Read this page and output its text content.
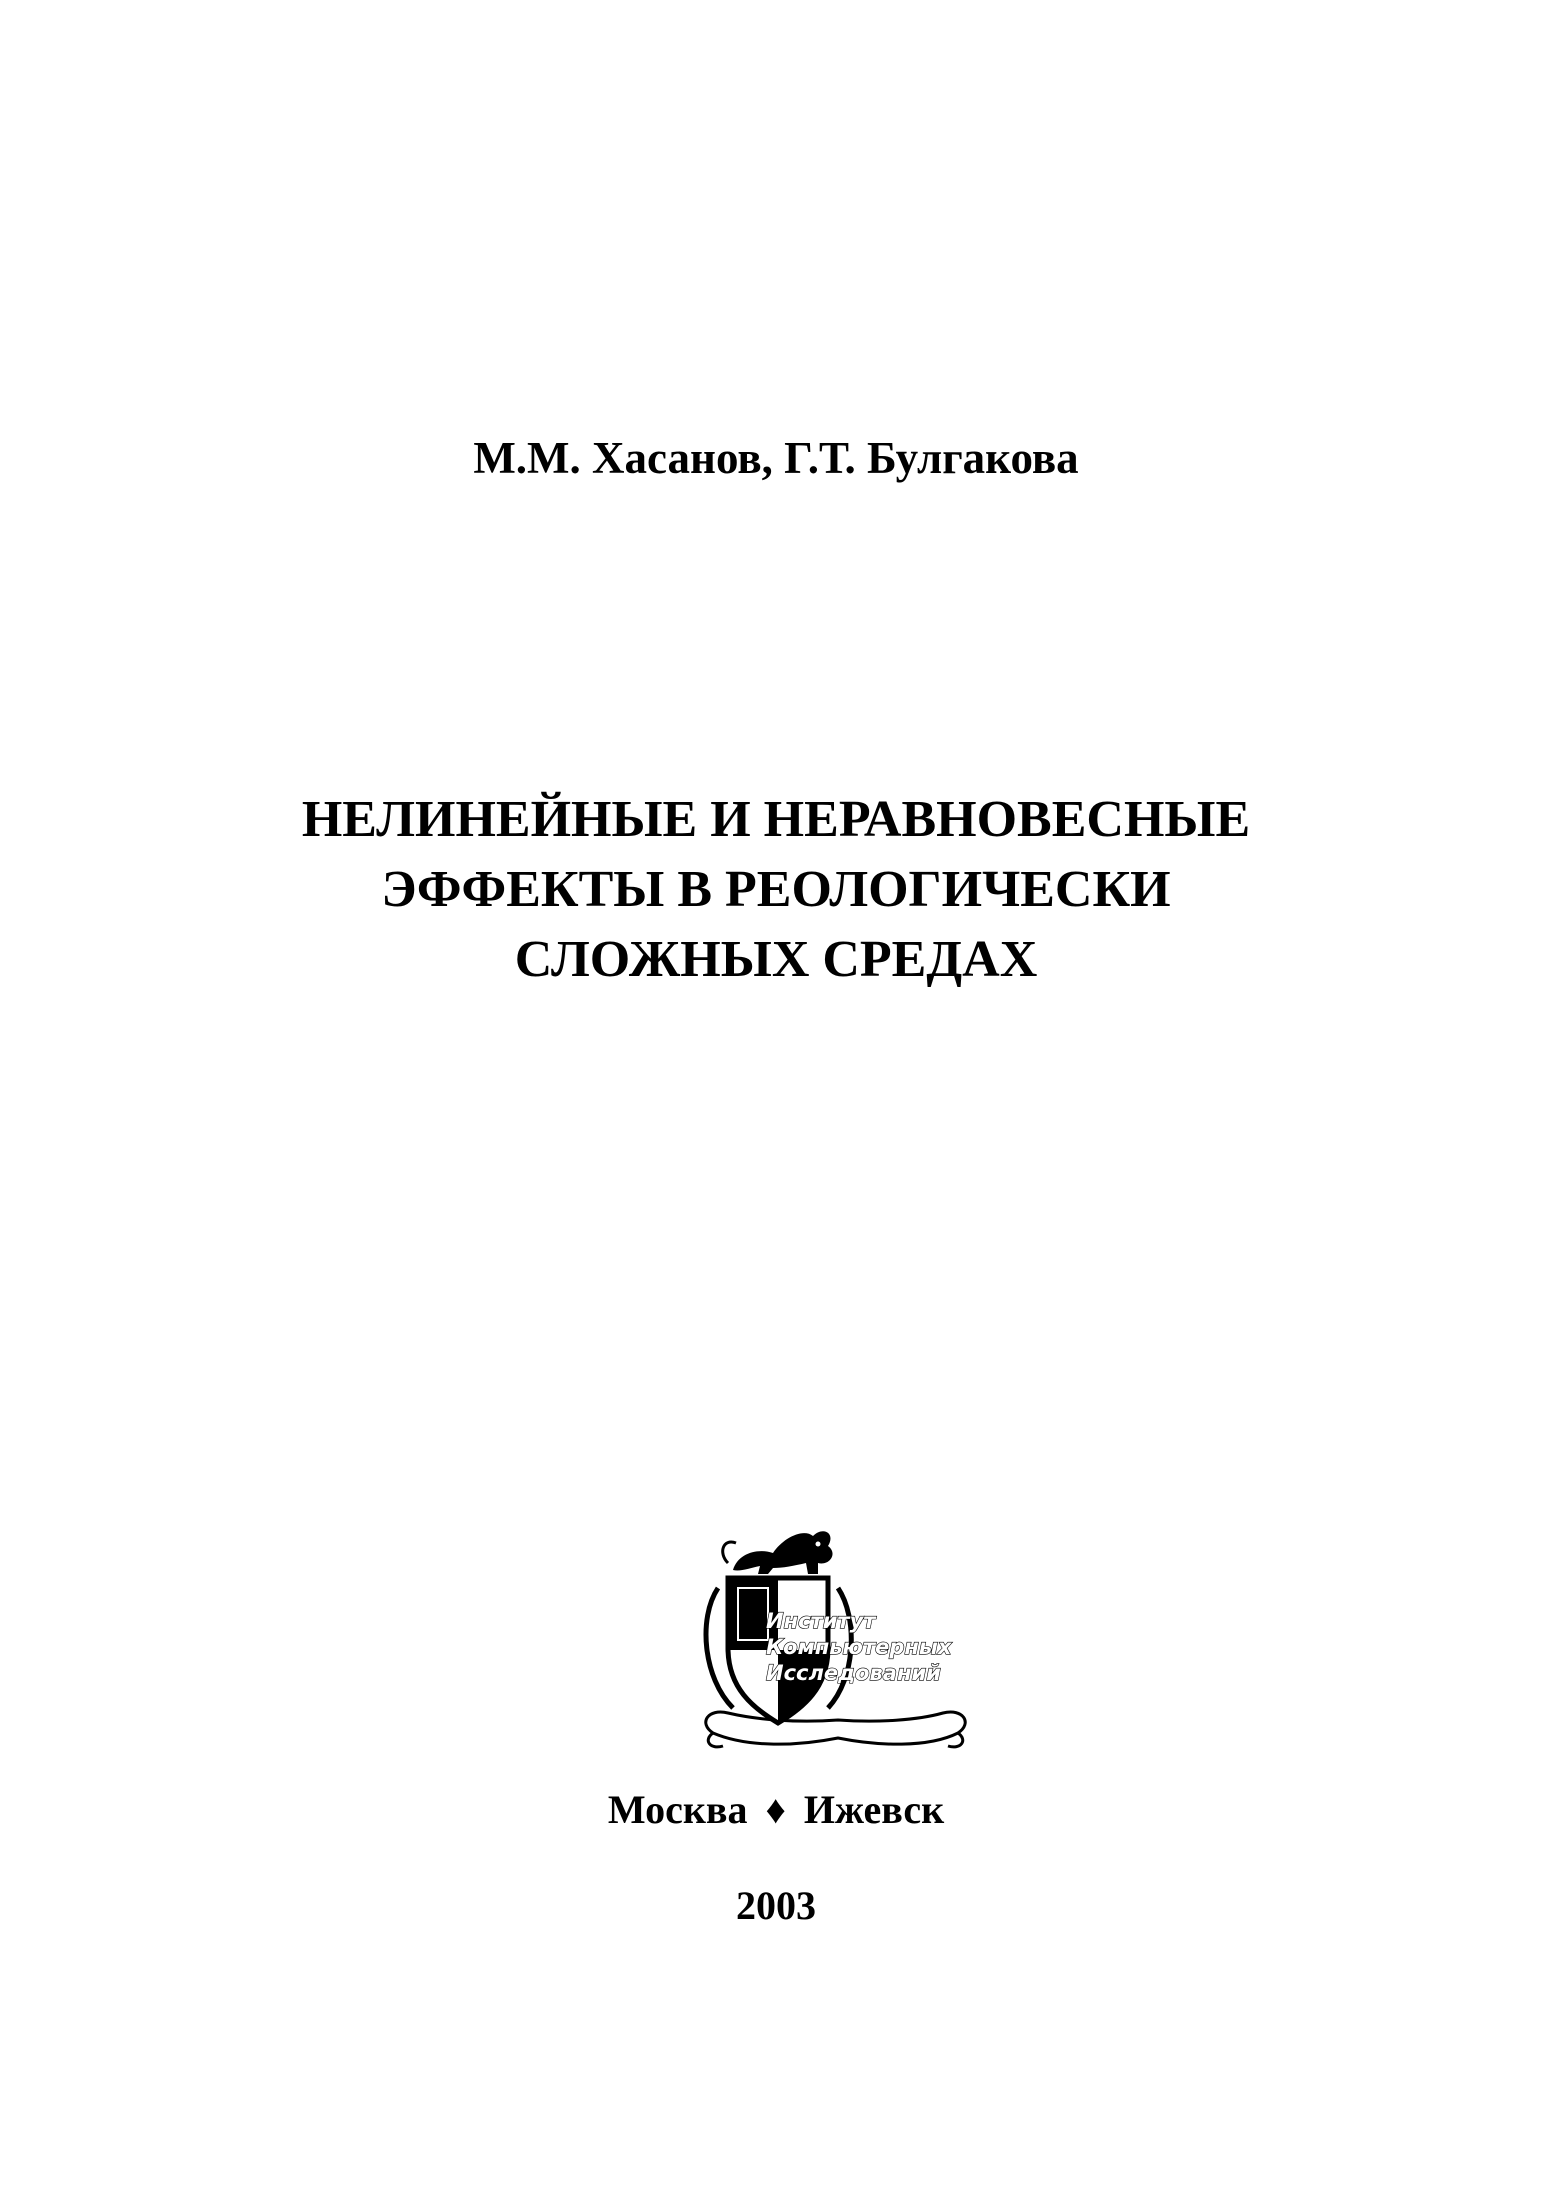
М.М. Хасанов, Г.Т. Булгакова
НЕЛИНЕЙНЫЕ И НЕРАВНОВЕСНЫЕ
ЭФФЕКТЫ В РЕОЛОГИЧЕСКИ
СЛОЖНЫХ СРЕДАХ
Институт
Компьютерных
Исследований
Москва ♦ Ижевск
2003
